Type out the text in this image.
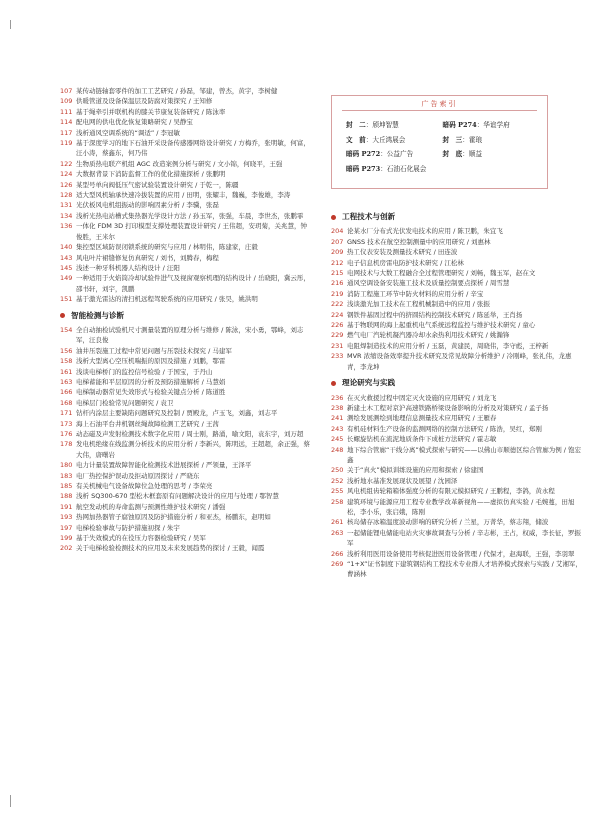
107 某传动链轴套零件的加工工艺研究 / 孙磊，邹建，曾杰，黄宇，李树健
109 供暖管道及设备保温层及防腐对策探究 / 王知修
111 基于绳牵引并联机构的膝关节康复装备研究 / 陈泳率
114 配电网的供电优化恢复策略研究 / 吴静宝
117 浅析通风空调系统的“调适” / 李冠敏
119 基于深度学习的地下石油开采设备传感器网络设计研究 / 方梅乔，张明敏，何富，汪小涛，蔡鑫东，何乃伟
122 生物质热电联产机组 AGC 改造案例分析与研究 / 文小锦，何晓平，王强
124 大数据背景下消防监督工作的优化措施探析 / 张鹏明
126 某型号单向阀低压气密试验装置设计研究 / 于乾一，陈疆
128 适大型风机轴承快速冷拔装置的应用 / 田明，张耀丰，魏巍，李俊雄，李涛
131 光伏板风电机组振动的影响因素分析 / 李骥，张磊
134 浅析光热电站槽式集热器光学设计方法 / 孙玉军，张强，车晨，李世杰，张鹏霏
136 一体化 FDM 3D 打印模型支撑处理装置设计研究 / 王伟超，安玥菊，关兆慧，钟俊胜，王米尔
140 集控型区域防误闭锁系统的研究与应用 / 林明伟，陈建家，庄毅
143 风电叶片裙缝修复仿真研究 / 刘书，刘腾春，梅程
145 浅述一种牙科机器人结构设计 / 汪阳
149 一种适用于火焰筒冷却试验件进气及视窗观察机理的结构设计 / 岳晓阳，冀云彤，邵书轩，刘宇，凯鹏
151 基于激光雷达的清扫机远程驾驶系统的应用研究 / 张昊，姚洪明
智能检测与诊断
154 全自动抽检试验机尺寸测量装置的原理分析与维修 / 陈泳，宋小勇，鄂峰，刘志军，汪良俊
156 油井压裂施工过程中常见问题与压裂技术探究 / 马建军
158 浅析大型离心空压机喘振的原因及措施 / 刘鹏，鄂雷
161 浅谈电梯桥门的监控信号检验 / 于国宝，于丹山
163 电梯蓄能和平层原因的分析及预防措施解析 / 马慧娟
166 电梯制动器常见失效形式与检验关键点分析 / 陈道胜
168 电梯层门检验常见问题研究 / 袁卫
171 钻杆内涂层主要缺陷问题研究及控制 / 贾殿龙，卢玉飞，刘鑫，刘志平
173 海上石油平台井机钢丝绳故障检测工艺研究 / 王茜
176 动态磁及声发射检测技术数字化应用 / 周士刚，路涌，喻文阳，袁东宇，刘万超
178 发电机绝缘在线监测分析技术的应用分析 / 李新兴，陈明远，王超超，余正强，蔡大伟，唐曙岩
180 电力计量装置故障智能化检测技术进展探析 / 严领量，王泽平
183 电厂热控保护误动及拒动原因探讨 / 严晓东
185 有关机械电气设备故障位急处理的思考 / 李荣亮
188 浅析 SQ300-670 型松木框套原有问题解决设计的应用与处理 / 鄂智慧
191 航空发动机的寿命监测与预测性维护技术研究 / 潘强
193 热网加热器管子腐蚀原因及防护措施分析 / 和亚杰，杨鹏东，赵明如
197 电梯检验事故与防护措施初探 / 朱宇
199 基于失效模式的在役压力容器检验研究 / 吴军
202 关于电梯检验检测技术的应用及未来发展趋势的探讨 / 王毅，闻霞
广告索引
封　二：颀坤智慧	暗码 P274：华谊学府
文　前：大丘鸿展会	封　三：霍琅
暗码 P272：公益广告	封　底：顺益
暗码 P273：石油石化展会
工程技术与创新
204 论某水厂分布式光伏发电技术的应用 / 陈卫鹏，朱宜飞
207 GNSS 技术在航空控制测量中的应用研究 / 刘惠林
209 热工仪表安装及测量技术研究 / 田连波
212 电子信息机房雷电防护技术研究 / 江松林
215 电网技术与大数工程融合全过程管理研究 / 刘畅，魏玉军，赵在文
216 通风空调设备安装施工技术及质量控制要点探析 / 周雪慧
219 消防工程施工环节中防火材料的应用分析 / 辛宝
222 浅谈激光加工技术在工程机械制造中的应用 / 张振
224 钢铁件基固过程中的挤圆结构控制技术研究 / 陈延举，王肖扬
226 基于物联网的海上起重机电气系统远程监控与维护技术研究 / 童心
229 燃气电厂汽轮机凝汽器冷却水余热利用技术研究 / 姚瀚锋
231 电阻焊制造技术的应用分析 / 玉磊，黄建民，周晓伟，李守彪，王梓新
233 MVR 浓缩设备效率提升技术研究及常见故障分析维护 / 冷刚峰，张礼伟，龙惠青，李龙坤
理论研究与实践
236 在灭火救援过程中固定灭火设施的应用研究 / 刘龙飞
238 新建土木工程对京沪高速铁路桥梁设备影响的分析及对策研究 / 孟子扬
241 测绘发展测绘到地理信息测量技术应用研究 / 王雁春
243 有机硅材料生产设备的监测网络的控制方法研究 / 陈浩，吴红，郑刚
245 长螺旋钻机在流泥地质条件下成桩方法研究 / 霍志敏
248 地下综合管廊“干线分离”模式探索与研究——以佛山市顺德区综合管廊为例 / 饱宏鑫
250 关于“真火”模拟训练设施的应用和探索 / 徐建国
252 浅析地水基准发展现状及展望 / 沈园泽
255 风电机组齿轮箱箱体强度分析的有限元模拟研究 / 王鹏程，李鸽，黄永程
258 建筑环境与能源应用工程专业教学改革新视角——虚拟仿真实验 / 毛婉蔓，田旭松，李小乐，张启娥，陈刚
261 核岛储存冰箱温度波动影响的研究分析 / 兰星，万菁华，蔡志翔，储波
263 一起储能锂电储能电站火灾事故调查与分析 / 辛志彬，王占，权威，李长征，罗振军
266 浅析利用医用设备使用考核促进医用设备管理 / 代保才，赵海联，王强，李羽翠
269 “1+X”证书制度下建筑钢结构工程技术专业群人才培养模式探索与实践 / 艾湘军，曹涵林
